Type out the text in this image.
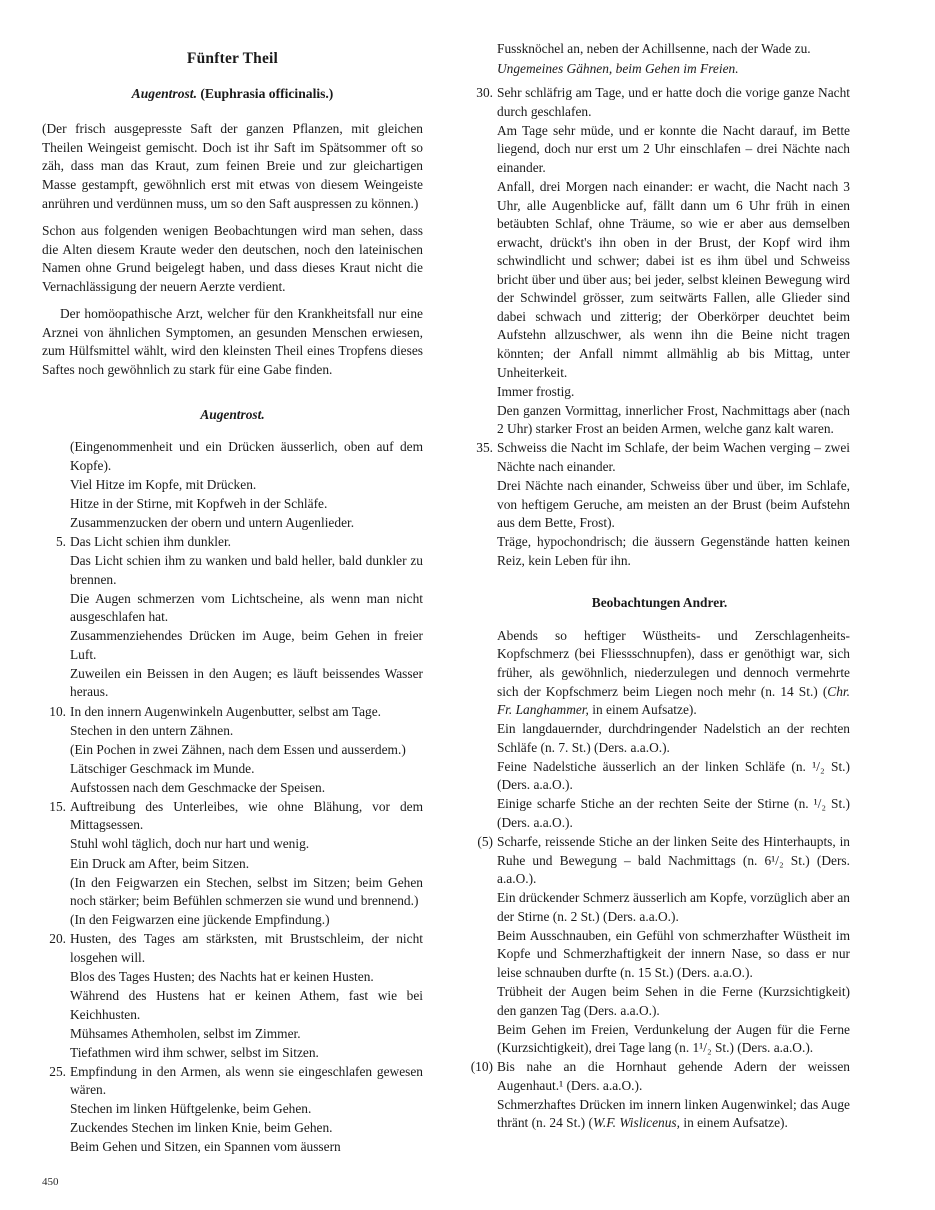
Fünfter Theil
Augentrost. (Euphrasia officinalis.)

(Der frisch ausgepresste Saft der ganzen Pflanzen, mit gleichen Theilen Weingeist gemischt. Doch ist ihr Saft im Spätsommer oft so zäh, dass man das Kraut, zum feinen Breie und zur gleichartigen Masse gestampft, gewöhnlich erst mit etwas von diesem Weingeiste anrühren und verdünnen muss, um so den Saft auspressen zu können.)

Schon aus folgenden wenigen Beobachtungen wird man sehen, dass die Alten diesem Kraute weder den deutschen, noch den lateinischen Namen ohne Grund beigelegt haben, und dass dieses Kraut nicht die Vernachlässigung der neuern Aerzte verdient.

Der homöopathische Arzt, welcher für den Krankheitsfall nur eine Arznei von ähnlichen Symptomen, an gesunden Menschen erwiesen, zum Hülfsmittel wählt, wird den kleinsten Theil eines Tropfens dieses Saftes noch gewöhnlich zu stark für eine Gabe finden.

Augentrost.
(Eingenommenheit und ein Drücken äusserlich, oben auf dem Kopfe).
Viel Hitze im Kopfe, mit Drücken.
Hitze in der Stirne, mit Kopfweh in der Schläfe.
Zusammenzucken der obern und untern Augenlieder.
5. Das Licht schien ihm dunkler.
Das Licht schien ihm zu wanken und bald heller, bald dunkler zu brennen.
Die Augen schmerzen vom Lichtscheine, als wenn man nicht ausgeschlafen hat.
Zusammenziehendes Drücken im Auge, beim Gehen in freier Luft.
Zuweilen ein Beissen in den Augen; es läuft beissendes Wasser heraus.
10. In den innern Augenwinkeln Augenbutter, selbst am Tage.
Stechen in den untern Zähnen.
(Ein Pochen in zwei Zähnen, nach dem Essen und ausserdem.)
Lätschiger Geschmack im Munde.
Aufstossen nach dem Geschmacke der Speisen.
15. Auftreibung des Unterleibes, wie ohne Blähung, vor dem Mittagsessen.
Stuhl wohl täglich, doch nur hart und wenig.
Ein Druck am After, beim Sitzen.
(In den Feigwarzen ein Stechen, selbst im Sitzen; beim Gehen noch stärker; beim Befühlen schmerzen sie wund und brennend.)
(In den Feigwarzen eine jückende Empfindung.)
20. Husten, des Tages am stärksten, mit Brustschleim, der nicht losgehen will.
Blos des Tages Husten; des Nachts hat er keinen Husten.
Während des Hustens hat er keinen Athem, fast wie bei Keichhusten.
Mühsames Athemholen, selbst im Zimmer.
Tiefathmen wird ihm schwer, selbst im Sitzen.
25. Empfindung in den Armen, als wenn sie eingeschlafen gewesen wären.
Stechen im linken Hüftgelenke, beim Gehen.
Zuckendes Stechen im linken Knie, beim Gehen.
Beim Gehen und Sitzen, ein Spannen vom äussern
Fussknöchel an, neben der Achillsenne, nach der Wade zu.

Ungemeines Gähnen, beim Gehen im Freien.

30. Sehr schläfrig am Tage, und er hatte doch die vorige ganze Nacht durch geschlafen.
Am Tage sehr müde, und er konnte die Nacht darauf, im Bette liegend, doch nur erst um 2 Uhr einschlafen – drei Nächte nach einander.
Anfall, drei Morgen nach einander: er wacht, die Nacht nach 3 Uhr, alle Augenblicke auf, fällt dann um 6 Uhr früh in einen betäubten Schlaf, ohne Träume, so wie er aber aus demselben erwacht, drückt's ihn oben in der Brust, der Kopf wird ihm schwindlicht und schwer; dabei ist es ihm übel und Schweiss bricht über und über aus; bei jeder, selbst kleinen Bewegung wird der Schwindel grösser, zum seitwärts Fallen, alle Glieder sind dabei schwach und zitterig; der Oberkörper deuchtet beim Aufstehn allzuschwer, als wenn ihn die Beine nicht tragen könnten; der Anfall nimmt allmählig ab bis Mittag, unter Unheiterkeit.
Immer frostig.
Den ganzen Vormittag, innerlicher Frost, Nachmittags aber (nach 2 Uhr) starker Frost an beiden Armen, welche ganz kalt waren.
35. Schweiss die Nacht im Schlafe, der beim Wachen verging – zwei Nächte nach einander.
Drei Nächte nach einander, Schweiss über und über, im Schlafe, von heftigem Geruche, am meisten an der Brust (beim Aufstehn aus dem Bette, Frost).
Träge, hypochondrisch; die äussern Gegenstände hatten keinen Reiz, kein Leben für ihn.
Beobachtungen Andrer.
Abends so heftiger Wüstheits- und Zerschlagenheits-Kopfschmerz (bei Fliessschnupfen), dass er genöthigt war, sich früher, als gewöhnlich, niederzulegen und dennoch vermehrte sich der Kopfschmerz beim Liegen noch mehr (n. 14 St.) (Chr. Fr. Langhammer, in einem Aufsatze).
Ein langdauernder, durchdringender Nadelstich an der rechten Schläfe (n. 7. St.) (Ders. a.a.O.).
Feine Nadelstiche äusserlich an der linken Schläfe (n. ¹/₂ St.) (Ders. a.a.O.).
Einige scharfe Stiche an der rechten Seite der Stirne (n. ¹/₂ St.) (Ders. a.a.O.).
(5) Scharfe, reissende Stiche an der linken Seite des Hinterhaupts, in Ruhe und Bewegung – bald Nachmittags (n. 6¹/₂ St.) (Ders. a.a.O.).
Ein drückender Schmerz äusserlich am Kopfe, vorzüglich aber an der Stirne (n. 2 St.) (Ders. a.a.O.).
Beim Ausschnauben, ein Gefühl von schmerzhafter Wüstheit im Kopfe und Schmerzhaftigkeit der innern Nase, so dass er nur leise schnauben durfte (n. 15 St.) (Ders. a.a.O.).
Trübheit der Augen beim Sehen in die Ferne (Kurzsichtigkeit) den ganzen Tag (Ders. a.a.O.).
Beim Gehen im Freien, Verdunkelung der Augen für die Ferne (Kurzsichtigkeit), drei Tage lang (n. 1¹/₂ St.) (Ders. a.a.O.).
(10) Bis nahe an die Hornhaut gehende Adern der weissen Augenhaut.¹ (Ders. a.a.O.).
Schmerzhaftes Drücken im innern linken Augenwinkel; das Auge thränt (n. 24 St.) (W.F. Wislicenus, in einem Aufsatze).
450
